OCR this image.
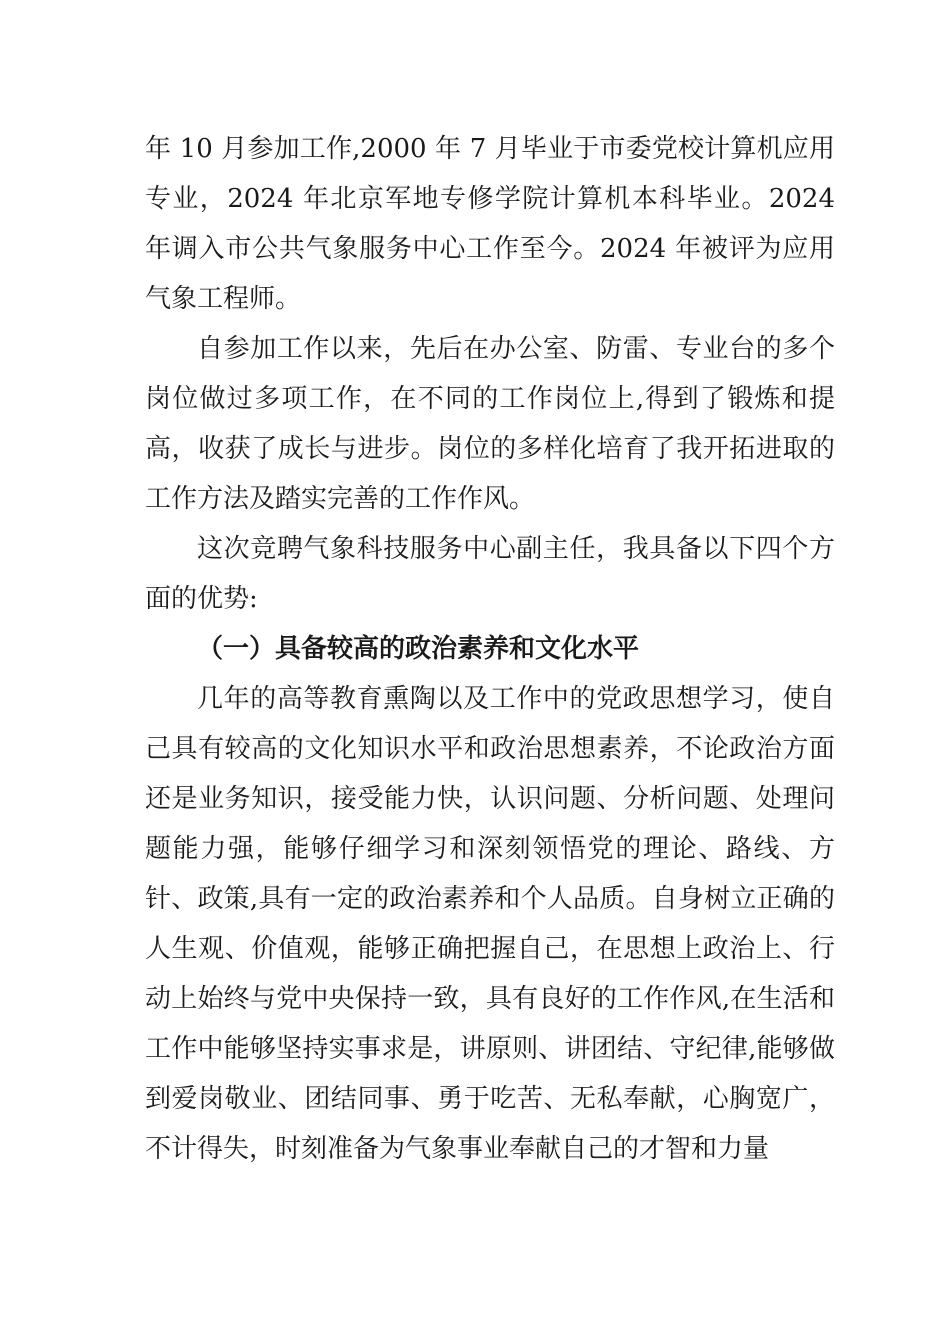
年 10 月参加工作,2000 年 7 月毕业于市委党校计算机应用专业，2024 年北京军地专修学院计算机本科毕业。2024 年调入市公共气象服务中心工作至今。2024 年被评为应用气象工程师。

自参加工作以来，先后在办公室、防雷、专业台的多个岗位做过多项工作，在不同的工作岗位上,得到了锻炼和提高，收获了成长与进步。岗位的多样化培育了我开拓进取的工作方法及踏实完善的工作作风。

这次竞聘气象科技服务中心副主任，我具备以下四个方面的优势:

（一）具备较高的政治素养和文化水平

几年的高等教育熏陶以及工作中的党政思想学习，使自己具有较高的文化知识水平和政治思想素养，不论政治方面还是业务知识，接受能力快，认识问题、分析问题、处理问题能力强，能够仔细学习和深刻领悟党的理论、路线、方针、政策,具有一定的政治素养和个人品质。自身树立正确的人生观、价值观，能够正确把握自己，在思想上政治上、行动上始终与党中央保持一致，具有良好的工作作风,在生活和工作中能够坚持实事求是，讲原则、讲团结、守纪律,能够做到爱岗敬业、团结同事、勇于吃苦、无私奉献，心胸宽广，不计得失，时刻准备为气象事业奉献自己的才智和力量
